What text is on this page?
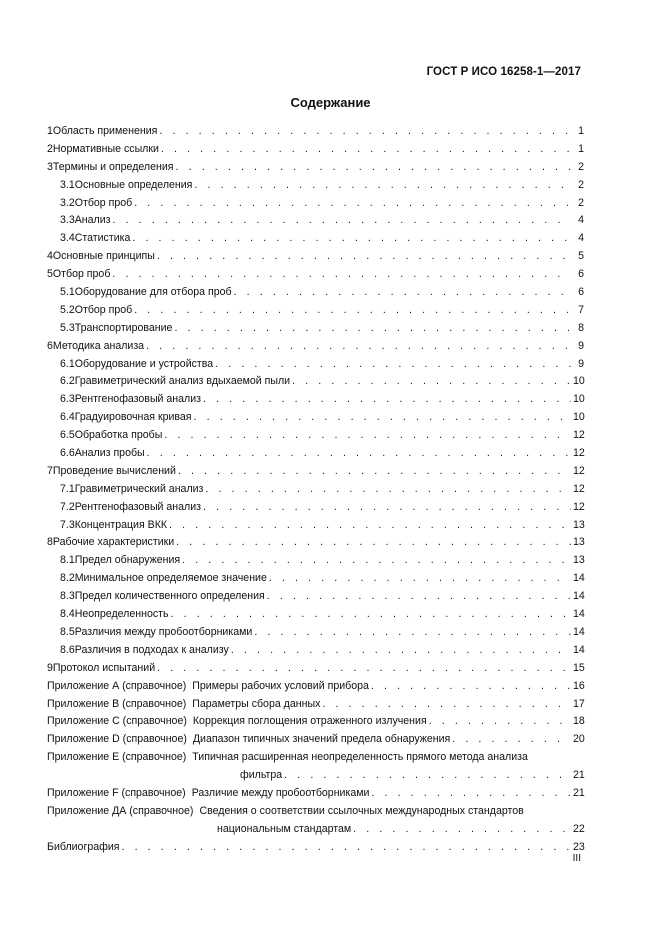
ГОСТ Р ИСО 16258-1—2017
Содержание
1 Область применения . . .	1
2 Нормативные ссылки . . .	1
3 Термины и определения . . .	2
3.1 Основные определения . . .	2
3.2 Отбор проб . . .	2
3.3 Анализ . . .	4
3.4 Статистика . . .	4
4 Основные принципы . . .	5
5 Отбор проб . . .	6
5.1 Оборудование для отбора проб . . .	6
5.2 Отбор проб . . .	7
5.3 Транспортирование . . .	8
6 Методика анализа . . .	9
6.1 Оборудование и устройства . . .	9
6.2 Гравиметрический анализ вдыхаемой пыли . . .	10
6.3 Рентгенофазовый анализ . . .	10
6.4 Градуировочная кривая . . .	10
6.5 Обработка пробы . . .	12
6.6 Анализ пробы . . .	12
7 Проведение вычислений . . .	12
7.1 Гравиметрический анализ . . .	12
7.2 Рентгенофазовый анализ . . .	12
7.3 Концентрация ВКК . . .	13
8 Рабочие характеристики . . .	13
8.1 Предел обнаружения . . .	13
8.2 Минимальное определяемое значение . . .	14
8.3 Предел количественного определения . . .	14
8.4 Неопределенность . . .	14
8.5 Различия между пробоотборниками . . .	14
8.6 Различия в подходах к анализу . . .	14
9 Протокол испытаний . . .	15
Приложение А (справочное) Примеры рабочих условий прибора . . .	16
Приложение В (справочное) Параметры сбора данных . . .	17
Приложение С (справочное) Коррекция поглощения отраженного излучения . . .	18
Приложение D (справочное) Диапазон типичных значений предела обнаружения . . .	20
Приложение Е (справочное) Типичная расширенная неопределенность прямого метода анализа
фильтра . . .	21
Приложение F (справочное) Различие между пробоотборниками . . .	21
Приложение ДА (справочное) Сведения о соответствии ссылочных международных стандартов
национальным стандартам . . .	22
Библиография . . .	23
III
